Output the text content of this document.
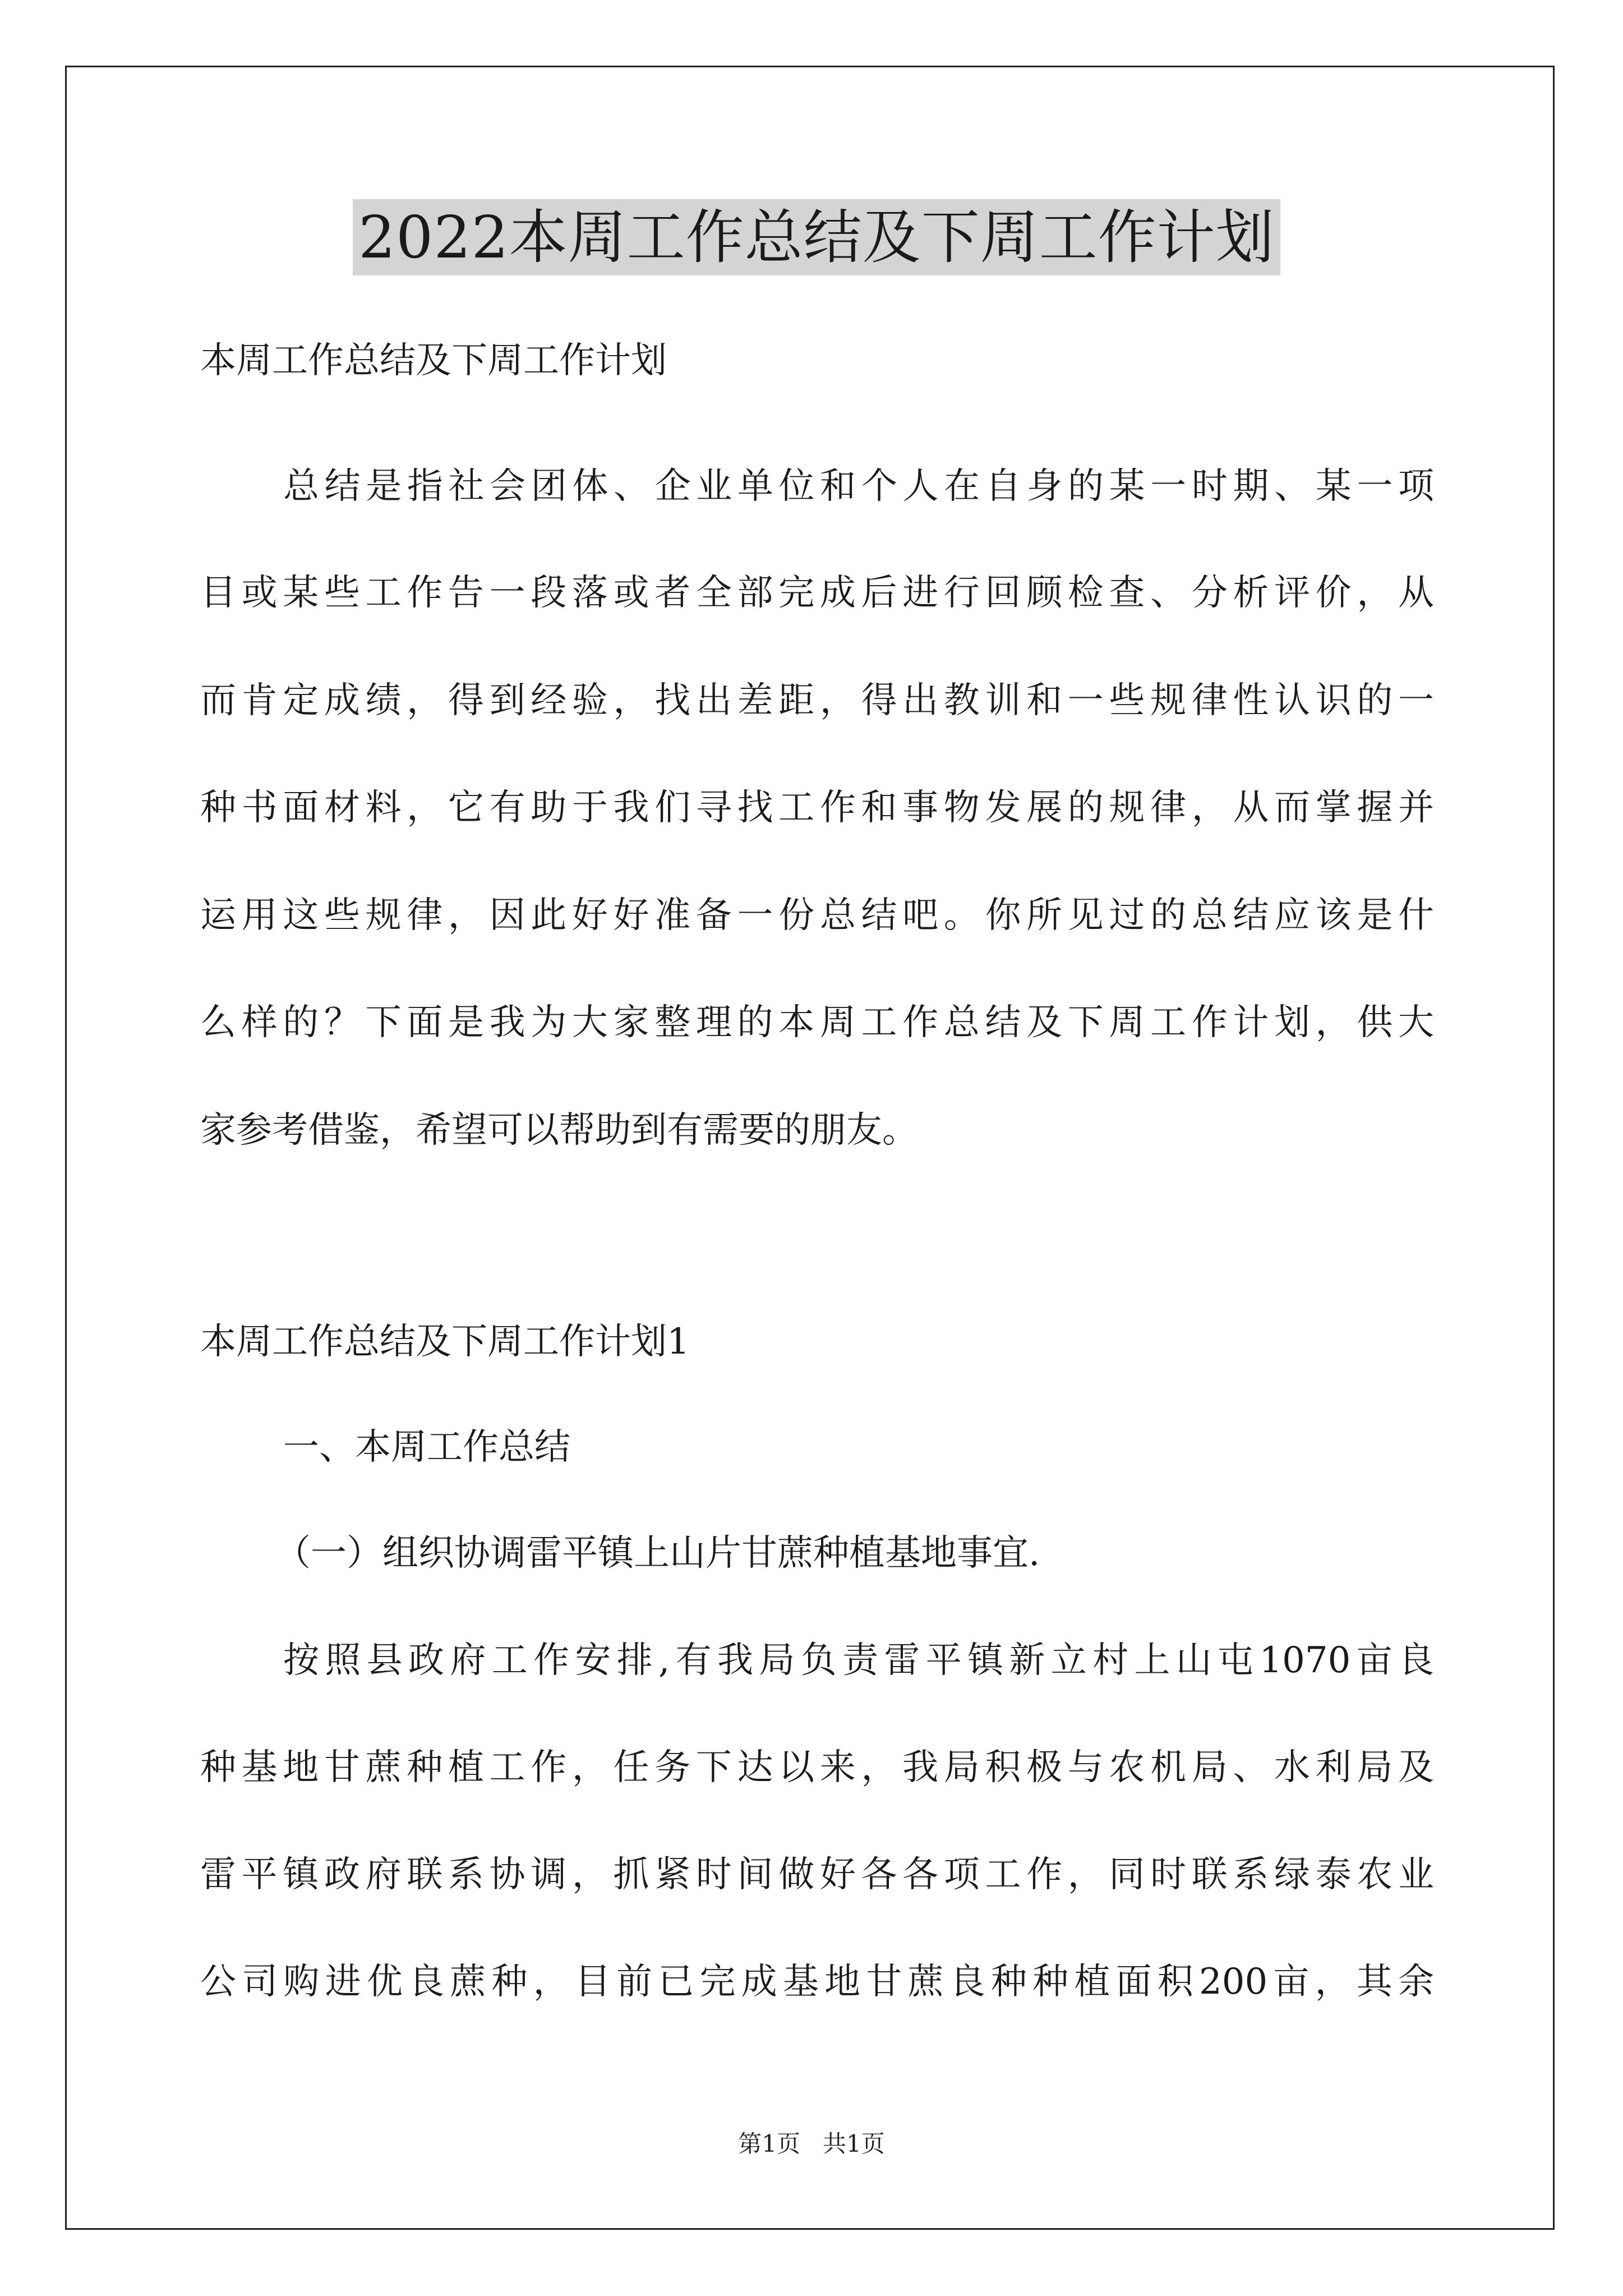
2022本周工作总结及下周工作计划
本周工作总结及下周工作计划
总结是指社会团体、企业单位和个人在自身的某一时期、某一项
目或某些工作告一段落或者全部完成后进行回顾检查、分析评价，从
而肯定成绩，得到经验，找出差距，得出教训和一些规律性认识的一
种书面材料，它有助于我们寻找工作和事物发展的规律，从而掌握并
运用这些规律，因此好好准备一份总结吧。你所见过的总结应该是什
么样的？下面是我为大家整理的本周工作总结及下周工作计划，供大
家参考借鉴，希望可以帮助到有需要的朋友。
本周工作总结及下周工作计划1
一、本周工作总结
（一）组织协调雷平镇上山片甘蔗种植基地事宜.
按照县政府工作安排,有我局负责雷平镇新立村上山屯1070亩良
种基地甘蔗种植工作，任务下达以来，我局积极与农机局、水利局及
雷平镇政府联系协调，抓紧时间做好各各项工作，同时联系绿泰农业
公司购进优良蔗种，目前已完成基地甘蔗良种种植面积200亩，其余
第1页   共1页
